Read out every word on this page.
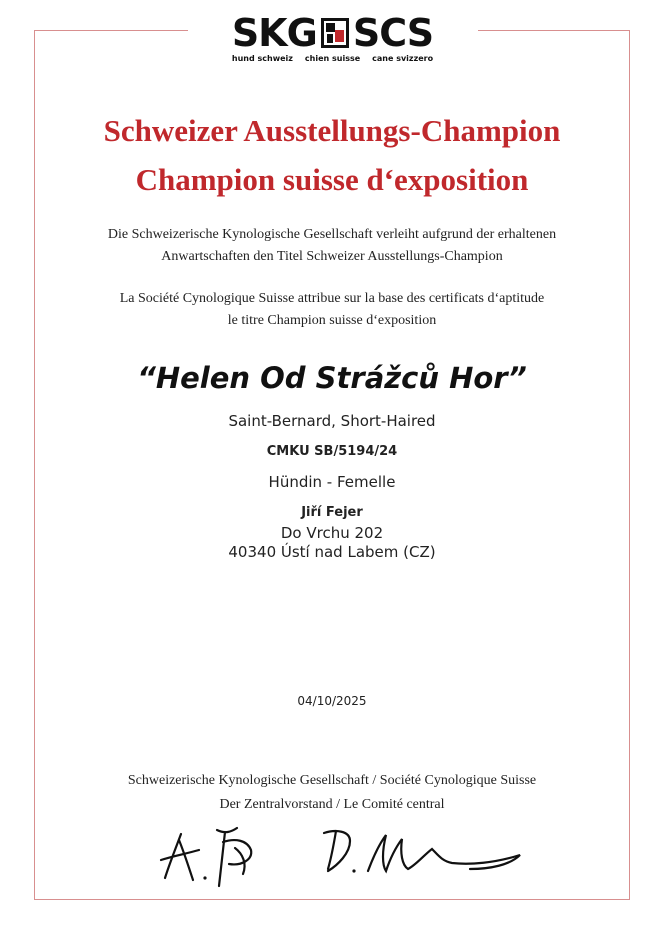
SKG SCS
hund schweiz chien suisse cane svizzero
Schweizer Ausstellungs-Champion
Champion suisse d‘exposition
Die Schweizerische Kynologische Gesellschaft verleiht aufgrund der erhaltenen
Anwartschaften den Titel Schweizer Ausstellungs-Champion
La Société Cynologique Suisse attribue sur la base des certificats d‘aptitude
le titre Champion suisse d‘exposition
“Helen Od Strážců Hor”
Saint-Bernard, Short-Haired
CMKU SB/5194/24
Hündin - Femelle
Jiří Fejer
Do Vrchu 202
40340 Ústí nad Labem (CZ)
04/10/2025
Schweizerische Kynologische Gesellschaft / Société Cynologique Suisse
Der Zentralvorstand / Le Comité central
